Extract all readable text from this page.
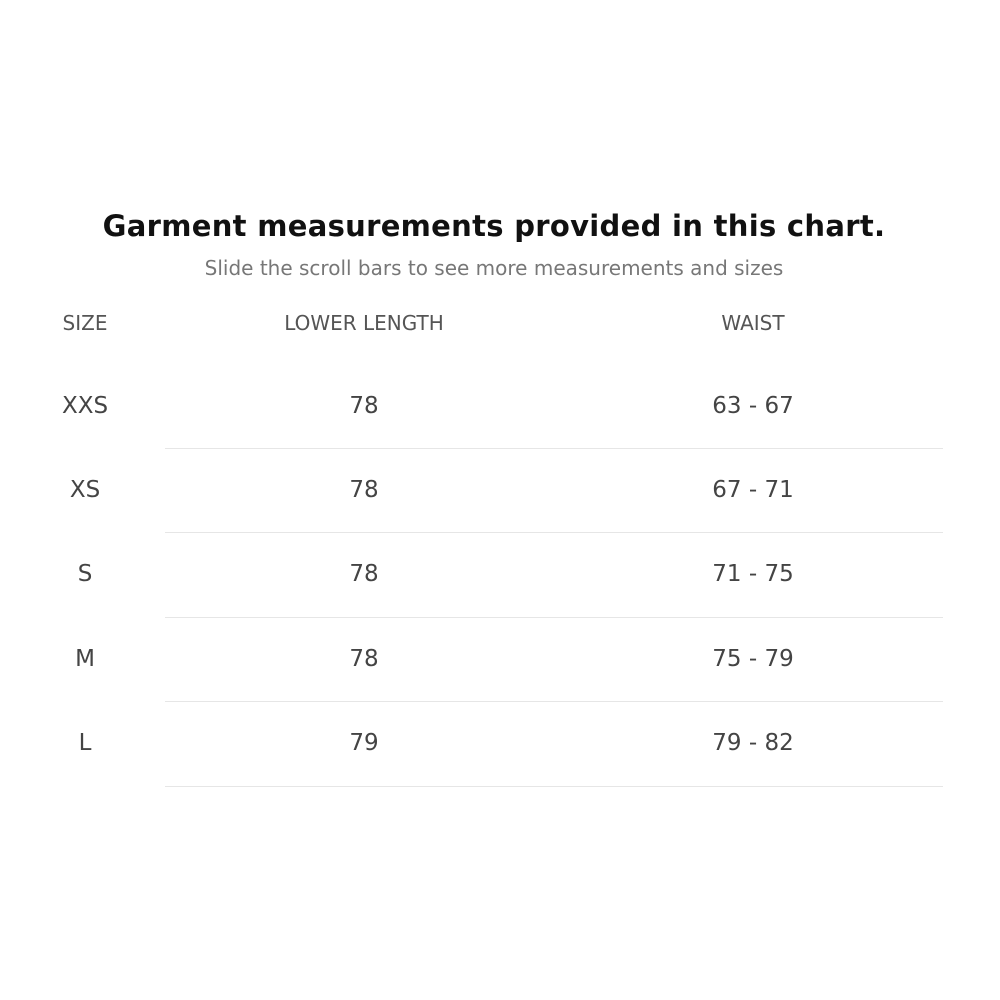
Garment measurements provided in this chart.
Slide the scroll bars to see more measurements and sizes
SIZE	LOWER LENGTH	WAIST
XXS	78	63 - 67
XS	78	67 - 71
S	78	71 - 75
M	78	75 - 79
L	79	79 - 82
